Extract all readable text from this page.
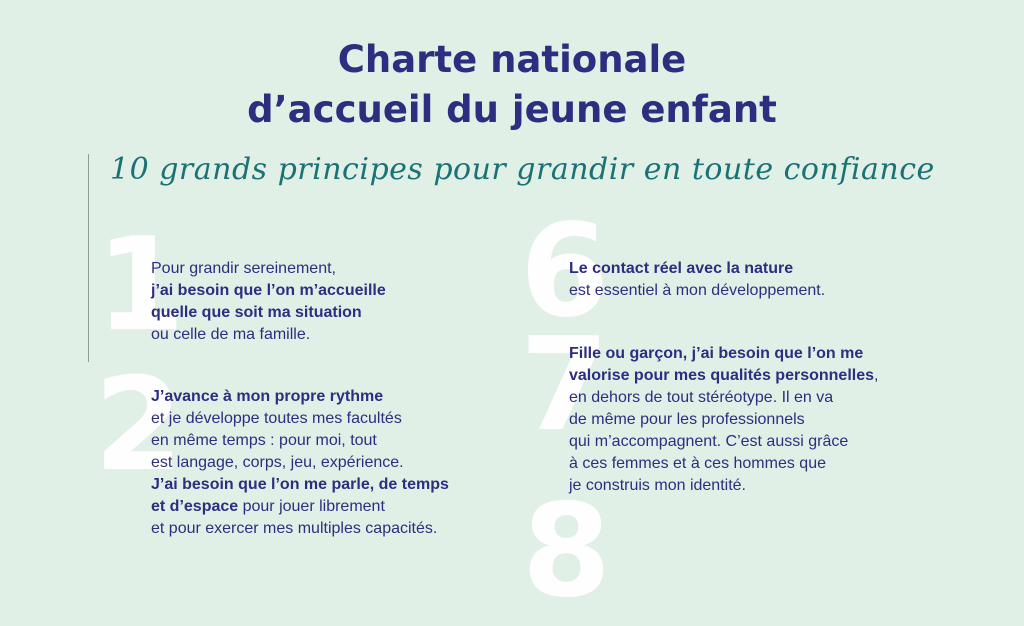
Charte nationale
d’accueil du jeune enfant
10 grands principes pour grandir en toute confiance
1
2
6
7
8
Pour grandir sereinement,
j’ai besoin que l’on m’accueille
quelle que soit ma situation
ou celle de ma famille.
J’avance à mon propre rythme
et je développe toutes mes facultés
en même temps : pour moi, tout
est langage, corps, jeu, expérience.
J’ai besoin que l’on me parle, de temps
et d’espace pour jouer librement
et pour exercer mes multiples capacités.
Le contact réel avec la nature
est essentiel à mon développement.
Fille ou garçon, j’ai besoin que l’on me
valorise pour mes qualités personnelles,
en dehors de tout stéréotype. Il en va
de même pour les professionnels
qui m’accompagnent. C’est aussi grâce
à ces femmes et à ces hommes que
je construis mon identité.
